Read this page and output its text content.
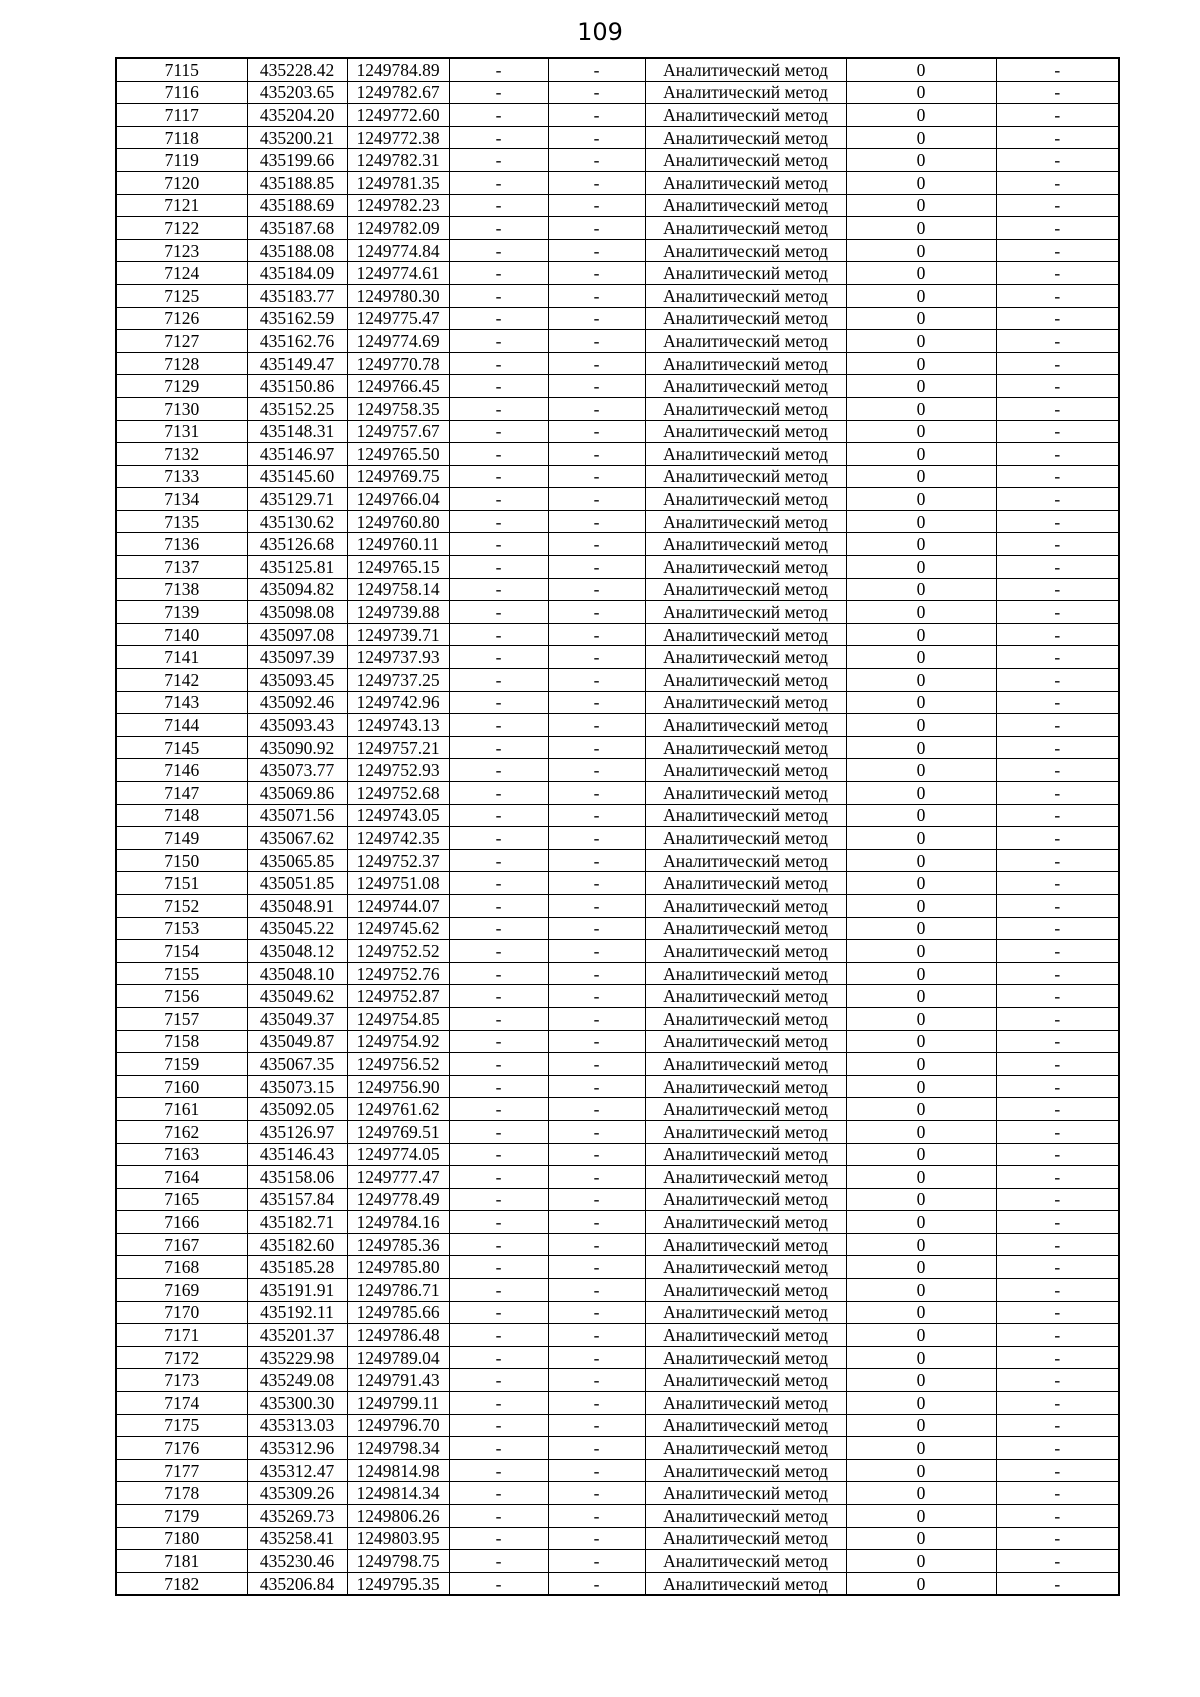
109
7115	435228.42	1249784.89	-	-	Аналитический метод	0	-
7116	435203.65	1249782.67	-	-	Аналитический метод	0	-
7117	435204.20	1249772.60	-	-	Аналитический метод	0	-
7118	435200.21	1249772.38	-	-	Аналитический метод	0	-
7119	435199.66	1249782.31	-	-	Аналитический метод	0	-
7120	435188.85	1249781.35	-	-	Аналитический метод	0	-
7121	435188.69	1249782.23	-	-	Аналитический метод	0	-
7122	435187.68	1249782.09	-	-	Аналитический метод	0	-
7123	435188.08	1249774.84	-	-	Аналитический метод	0	-
7124	435184.09	1249774.61	-	-	Аналитический метод	0	-
7125	435183.77	1249780.30	-	-	Аналитический метод	0	-
7126	435162.59	1249775.47	-	-	Аналитический метод	0	-
7127	435162.76	1249774.69	-	-	Аналитический метод	0	-
7128	435149.47	1249770.78	-	-	Аналитический метод	0	-
7129	435150.86	1249766.45	-	-	Аналитический метод	0	-
7130	435152.25	1249758.35	-	-	Аналитический метод	0	-
7131	435148.31	1249757.67	-	-	Аналитический метод	0	-
7132	435146.97	1249765.50	-	-	Аналитический метод	0	-
7133	435145.60	1249769.75	-	-	Аналитический метод	0	-
7134	435129.71	1249766.04	-	-	Аналитический метод	0	-
7135	435130.62	1249760.80	-	-	Аналитический метод	0	-
7136	435126.68	1249760.11	-	-	Аналитический метод	0	-
7137	435125.81	1249765.15	-	-	Аналитический метод	0	-
7138	435094.82	1249758.14	-	-	Аналитический метод	0	-
7139	435098.08	1249739.88	-	-	Аналитический метод	0	-
7140	435097.08	1249739.71	-	-	Аналитический метод	0	-
7141	435097.39	1249737.93	-	-	Аналитический метод	0	-
7142	435093.45	1249737.25	-	-	Аналитический метод	0	-
7143	435092.46	1249742.96	-	-	Аналитический метод	0	-
7144	435093.43	1249743.13	-	-	Аналитический метод	0	-
7145	435090.92	1249757.21	-	-	Аналитический метод	0	-
7146	435073.77	1249752.93	-	-	Аналитический метод	0	-
7147	435069.86	1249752.68	-	-	Аналитический метод	0	-
7148	435071.56	1249743.05	-	-	Аналитический метод	0	-
7149	435067.62	1249742.35	-	-	Аналитический метод	0	-
7150	435065.85	1249752.37	-	-	Аналитический метод	0	-
7151	435051.85	1249751.08	-	-	Аналитический метод	0	-
7152	435048.91	1249744.07	-	-	Аналитический метод	0	-
7153	435045.22	1249745.62	-	-	Аналитический метод	0	-
7154	435048.12	1249752.52	-	-	Аналитический метод	0	-
7155	435048.10	1249752.76	-	-	Аналитический метод	0	-
7156	435049.62	1249752.87	-	-	Аналитический метод	0	-
7157	435049.37	1249754.85	-	-	Аналитический метод	0	-
7158	435049.87	1249754.92	-	-	Аналитический метод	0	-
7159	435067.35	1249756.52	-	-	Аналитический метод	0	-
7160	435073.15	1249756.90	-	-	Аналитический метод	0	-
7161	435092.05	1249761.62	-	-	Аналитический метод	0	-
7162	435126.97	1249769.51	-	-	Аналитический метод	0	-
7163	435146.43	1249774.05	-	-	Аналитический метод	0	-
7164	435158.06	1249777.47	-	-	Аналитический метод	0	-
7165	435157.84	1249778.49	-	-	Аналитический метод	0	-
7166	435182.71	1249784.16	-	-	Аналитический метод	0	-
7167	435182.60	1249785.36	-	-	Аналитический метод	0	-
7168	435185.28	1249785.80	-	-	Аналитический метод	0	-
7169	435191.91	1249786.71	-	-	Аналитический метод	0	-
7170	435192.11	1249785.66	-	-	Аналитический метод	0	-
7171	435201.37	1249786.48	-	-	Аналитический метод	0	-
7172	435229.98	1249789.04	-	-	Аналитический метод	0	-
7173	435249.08	1249791.43	-	-	Аналитический метод	0	-
7174	435300.30	1249799.11	-	-	Аналитический метод	0	-
7175	435313.03	1249796.70	-	-	Аналитический метод	0	-
7176	435312.96	1249798.34	-	-	Аналитический метод	0	-
7177	435312.47	1249814.98	-	-	Аналитический метод	0	-
7178	435309.26	1249814.34	-	-	Аналитический метод	0	-
7179	435269.73	1249806.26	-	-	Аналитический метод	0	-
7180	435258.41	1249803.95	-	-	Аналитический метод	0	-
7181	435230.46	1249798.75	-	-	Аналитический метод	0	-
7182	435206.84	1249795.35	-	-	Аналитический метод	0	-
